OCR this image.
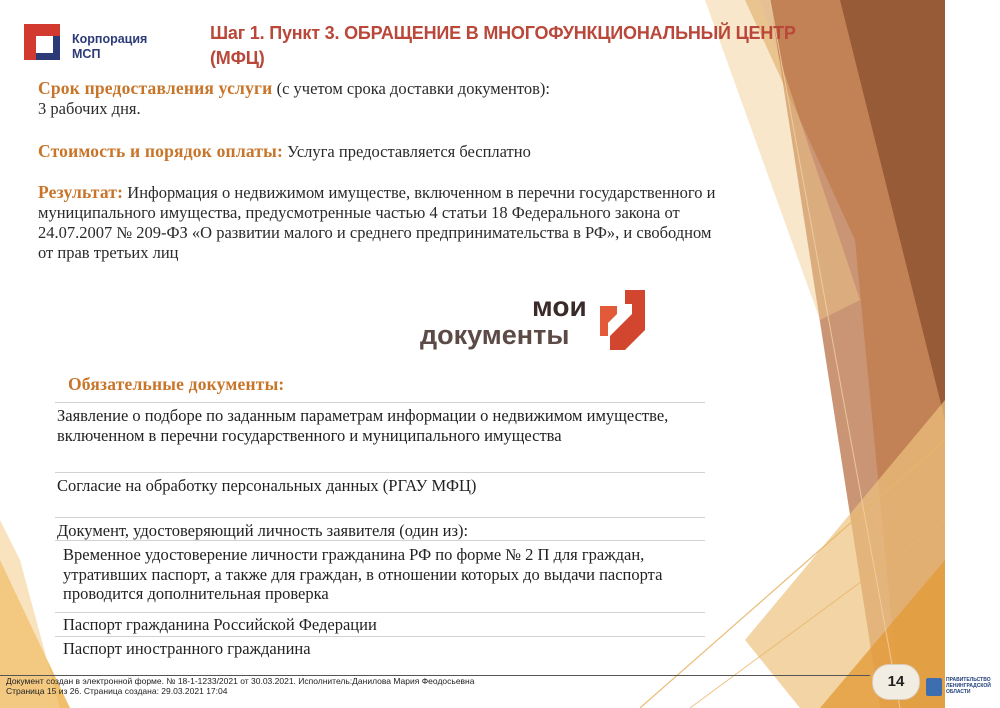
Корпорация
МСП
Шаг 1. Пункт 3. ОБРАЩЕНИЕ В МНОГОФУНКЦИОНАЛЬНЫЙ ЦЕНТР (МФЦ)
Срок предоставления услуги (с учетом срока доставки документов):
3 рабочих дня.
Стоимость и порядок оплаты: Услуга предоставляется бесплатно
Результат: Информация о недвижимом имуществе, включенном в перечни государственного и муниципального имущества, предусмотренные частью 4 статьи 18 Федерального закона от 24.07.2007 № 209-ФЗ «О развитии малого и среднего предпринимательства в РФ», и свободном от прав третьих лиц
мои
документы
Обязательные документы:
Заявление о подборе по заданным параметрам информации о недвижимом имуществе, включенном в перечни государственного и муниципального имущества
Согласие на обработку персональных данных (РГАУ МФЦ)
Документ, удостоверяющий личность заявителя (один из):
Временное удостоверение личности гражданина РФ по форме № 2 П для граждан, утративших паспорт, а также для граждан, в отношении которых до выдачи паспорта проводится дополнительная проверка
Паспорт гражданина Российской Федерации
Паспорт иностранного гражданина
Документ создан в электронной форме. № 18-1-1233/2021 от 30.03.2021. Исполнитель:Данилова Мария Феодосьевна
Страница 15 из 26. Страница создана: 29.03.2021 17:04
14	ПРАВИТЕЛЬСТВО
ЛЕНИНГРАДСКОЙ
ОБЛАСТИ
